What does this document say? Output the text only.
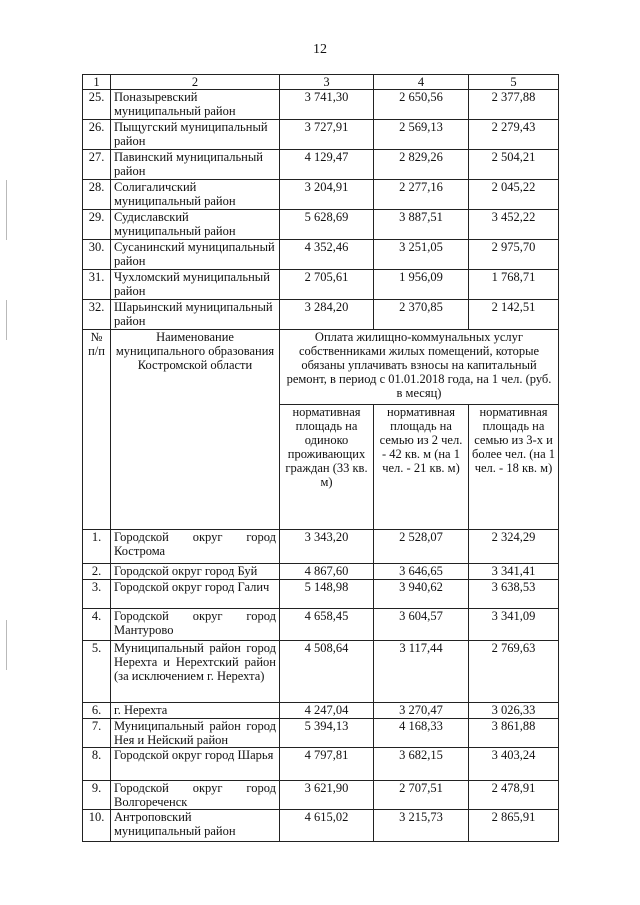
12
1	2	3	4	5
25.	Поназыревский муниципальный район	3 741,30	2 650,56	2 377,88
26.	Пыщугский муниципальный район	3 727,91	2 569,13	2 279,43
27.	Павинский муниципальный район	4 129,47	2 829,26	2 504,21
28.	Солигаличский муниципальный район	3 204,91	2 277,16	2 045,22
29.	Судиславский муниципальный район	5 628,69	3 887,51	3 452,22
30.	Сусанинский муниципальный район	4 352,46	3 251,05	2 975,70
31.	Чухломский муниципальный район	2 705,61	1 956,09	1 768,71
32.	Шарьинский муниципальный район	3 284,20	2 370,85	2 142,51
№ п/п	Наименование муниципального образования Костромской области	Оплата жилищно-коммунальных услуг собственниками жилых помещений, которые обязаны уплачивать взносы на капитальный ремонт, в период с 01.01.2018 года, на 1 чел. (руб. в месяц)		
		нормативная площадь на одиноко проживающих граждан (33 кв. м)	нормативная площадь на семью из 2 чел. - 42 кв. м (на 1 чел. - 21 кв. м)	нормативная площадь на семью из 3-х и более чел. (на 1 чел. - 18 кв. м)
1.	Городской округ город Кострома	3 343,20	2 528,07	2 324,29
2.	Городской округ город Буй	4 867,60	3 646,65	3 341,41
3.	Городской округ город Галич	5 148,98	3 940,62	3 638,53
4.	Городской округ город Мантурово	4 658,45	3 604,57	3 341,09
5.	Муниципальный район город Нерехта и Нерехтский район (за исключением г. Нерехта)	4 508,64	3 117,44	2 769,63
6.	г. Нерехта	4 247,04	3 270,47	3 026,33
7.	Муниципальный район город Нея и Нейский район	5 394,13	4 168,33	3 861,88
8.	Городской округ город Шарья	4 797,81	3 682,15	3 403,24
9.	Городской округ город Волгореченск	3 621,90	2 707,51	2 478,91
10.	Антроповский муниципальный район	4 615,02	3 215,73	2 865,91
